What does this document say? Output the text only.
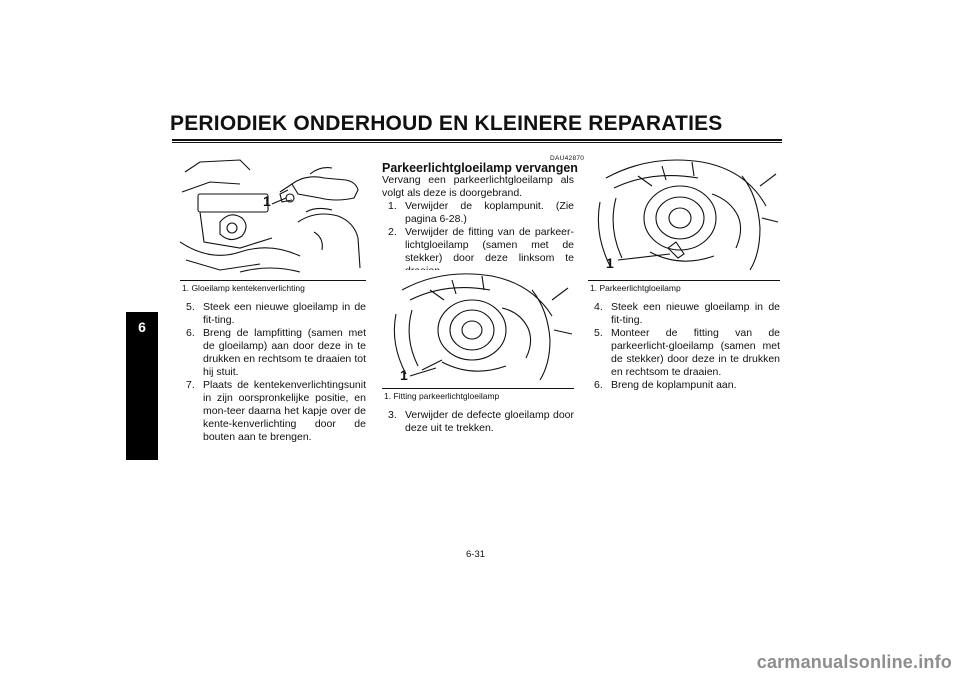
PERIODIEK ONDERHOUD EN KLEINERE REPARATIES
6
1
1. Gloeilamp kentekenverlichting
5. Steek een nieuwe gloeilamp in de fit-ting.
6. Breng de lampfitting (samen met de gloeilamp) aan door deze in te drukken en rechtsom te draaien tot hij stuit.
7. Plaats de kentekenverlichtingsunit in zijn oorspronkelijke positie, en mon-teer daarna het kapje over de kente-kenverlichting door de bouten aan te brengen.
DAU42870
Parkeerlichtgloeilamp vervangen
Vervang een parkeerlichtgloeilamp als volgt als deze is doorgebrand.
1. Verwijder de koplampunit. (Zie pagina 6-28.)
2. Verwijder de fitting van de parkeer-lichtgloeilamp (samen met de stekker) door deze linksom te
1
1. Fitting parkeerlichtgloeilamp
3. Verwijder de defecte gloeilamp door deze uit te trekken.
1
1. Parkeerlichtgloeilamp
4. Steek een nieuwe gloeilamp in de fit-ting.
5. Monteer de fitting van de parkeerlicht-gloeilamp (samen met de stekker) door deze in te drukken en rechtsom te draaien.
6. Breng de koplampunit aan.
6-31
carmanualsonline.info
